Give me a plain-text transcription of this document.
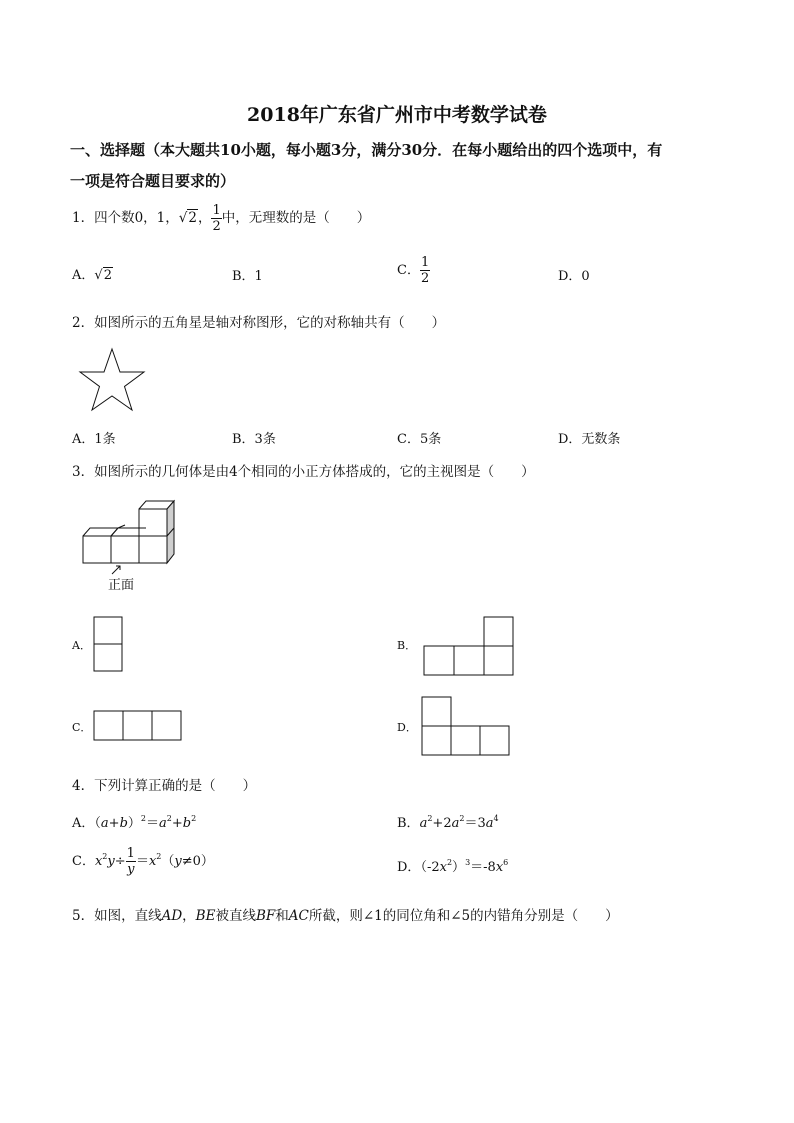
2018年广东省广州市中考数学试卷
一、选择题（本大题共10小题，每小题3分，满分30分．在每小题给出的四个选项中，有
一项是符合题目要求的）
1．四个数0，1，√2， $\frac{1}{2}$ 中，无理数的是（　　）
A．√2	B．1	C． $\frac{1}{2}$	D．0
2．如图所示的五角星是轴对称图形，它的对称轴共有（　　）
A．1条	B．3条	C．5条	D．无数条
3．如图所示的几何体是由4个相同的小正方体搭成的，它的主视图是（　　）
正面
A．	B．
C．	D．
4．下列计算正确的是（　　）
A．$(a+b)^2=a^2+b^2$	B．$a^2+2a^2=3a^4$
C．$x^2y\div \frac{1}{y} =x^2(y\ne 0)$	D．$(-2x^2)^3=-8x^6$
5．如图，直线AD，BE被直线BF和AC所截，则∠1的同位角和∠5的内错角分别是（　　）
